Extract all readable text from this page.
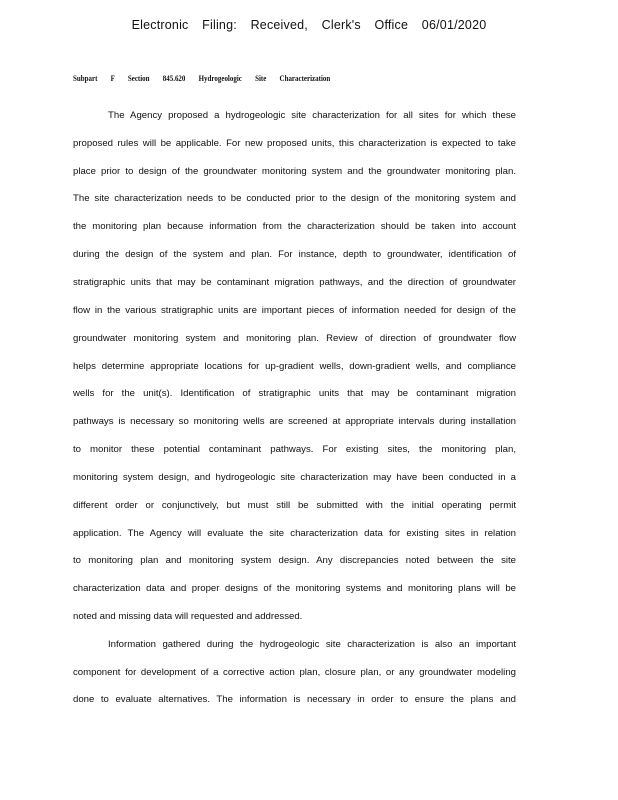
Electronic Filing: Received, Clerk's Office 06/01/2020
Subpart F Section 845.620 Hydrogeologic Site Characterization
The Agency proposed a hydrogeologic site characterization for all sites for which these
proposed rules will be applicable. For new proposed units, this characterization is expected to take
place prior to design of the groundwater monitoring system and the groundwater monitoring plan.
The site characterization needs to be conducted prior to the design of the monitoring system and
the monitoring plan because information from the characterization should be taken into account
during the design of the system and plan. For instance, depth to groundwater, identification of
stratigraphic units that may be contaminant migration pathways, and the direction of groundwater
flow in the various stratigraphic units are important pieces of information needed for design of the
groundwater monitoring system and monitoring plan. Review of direction of groundwater flow
helps determine appropriate locations for up-gradient wells, down-gradient wells, and compliance
wells for the unit(s). Identification of stratigraphic units that may be contaminant migration
pathways is necessary so monitoring wells are screened at appropriate intervals during installation
to monitor these potential contaminant pathways. For existing sites, the monitoring plan,
monitoring system design, and hydrogeologic site characterization may have been conducted in a
different order or conjunctively, but must still be submitted with the initial operating permit
application. The Agency will evaluate the site characterization data for existing sites in relation
to monitoring plan and monitoring system design. Any discrepancies noted between the site
characterization data and proper designs of the monitoring systems and monitoring plans will be
noted and missing data will requested and addressed.
Information gathered during the hydrogeologic site characterization is also an important
component for development of a corrective action plan, closure plan, or any groundwater modeling
done to evaluate alternatives. The information is necessary in order to ensure the plans and
